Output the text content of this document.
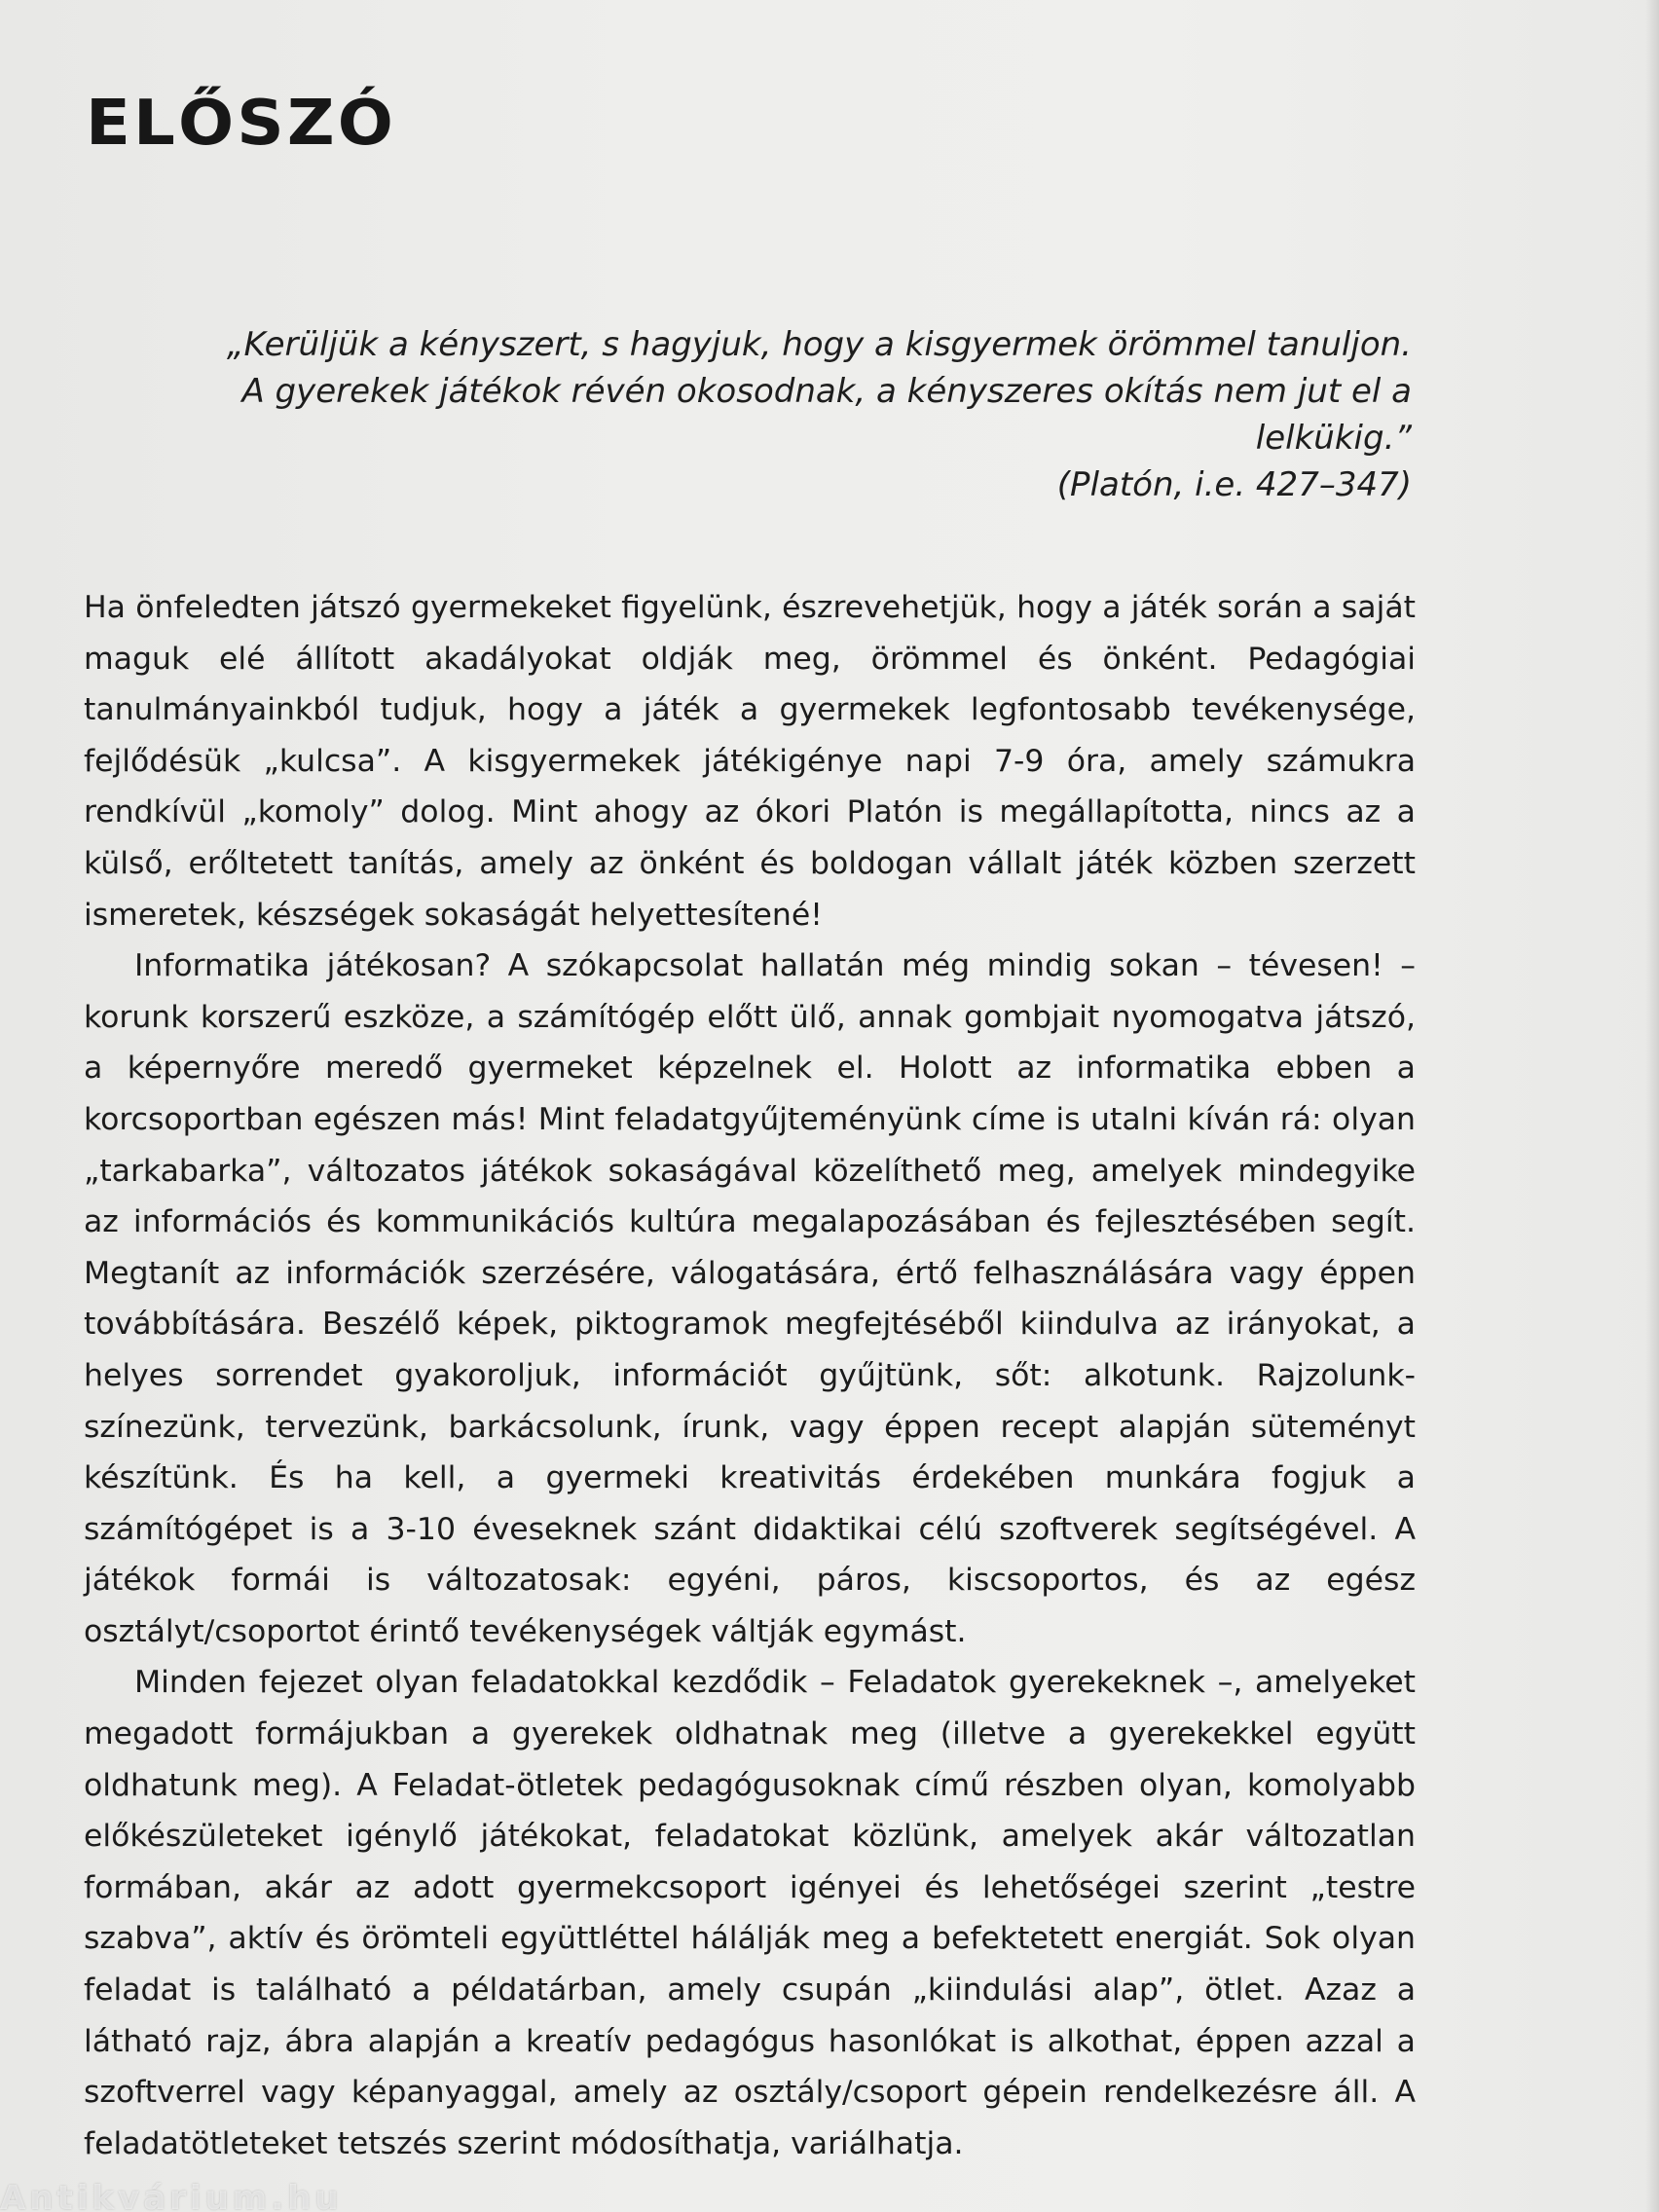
ELŐSZÓ

„Kerüljük a kényszert, s hagyjuk, hogy a kisgyermek örömmel tanuljon.

A gyerekek játékok révén okosodnak, a kényszeres okítás nem jut el a lelkükig.”

(Platón, i.e. 427–347)

Ha önfeledten játszó gyermekeket figyelünk, észrevehetjük, hogy a játék során a saját maguk elé állított akadályokat oldják meg, örömmel és önként. Pedagógiai tanulmányainkból tudjuk, hogy a játék a gyermekek legfontosabb tevékenysége, fejlődésük „kulcsa”. A kisgyermekek játékigénye napi 7-9 óra, amely számukra rendkívül „komoly” dolog. Mint ahogy az ókori Platón is megállapította, nincs az a külső, erőltetett tanítás, amely az önként és boldogan vállalt játék közben szerzett ismeretek, készségek sokaságát helyettesítené!

Informatika játékosan? A szókapcsolat hallatán még mindig sokan – tévesen! – korunk korszerű eszköze, a számítógép előtt ülő, annak gombjait nyomogatva játszó, a képernyőre meredő gyermeket képzelnek el. Holott az informatika ebben a korcsoportban egészen más! Mint feladatgyűjteményünk címe is utalni kíván rá: olyan „tarkabarka”, változatos játékok sokaságával közelíthető meg, amelyek mindegyike az információs és kommunikációs kultúra megalapozásában és fejlesztésében segít. Megtanít az információk szerzésére, válogatására, értő felhasználására vagy éppen továbbítására. Beszélő képek, piktogramok megfejtéséből kiindulva az irányokat, a helyes sorrendet gyakoroljuk, információt gyűjtünk, sőt: alkotunk. Rajzolunk-színezünk, tervezünk, barkácsolunk, írunk, vagy éppen recept alapján süteményt készítünk. És ha kell, a gyermeki kreativitás érdekében munkára fogjuk a számítógépet is a 3-10 éveseknek szánt didaktikai célú szoftverek segítségével. A játékok formái is változatosak: egyéni, páros, kiscsoportos, és az egész osztályt/csoportot érintő tevékenységek váltják egymást.

Minden fejezet olyan feladatokkal kezdődik – Feladatok gyerekeknek –, amelyeket megadott formájukban a gyerekek oldhatnak meg (illetve a gyerekekkel együtt oldhatunk meg). A Feladat-ötletek pedagógusoknak című részben olyan, komolyabb előkészületeket igénylő játékokat, feladatokat közlünk, amelyek akár változatlan formában, akár az adott gyermekcsoport igényei és lehetőségei szerint „testre szabva”, aktív és örömteli együttléttel hálálják meg a befektetett energiát. Sok olyan feladat is található a példatárban, amely csupán „kiindulási alap”, ötlet. Azaz a látható rajz, ábra alapján a kreatív pedagógus hasonlókat is alkothat, éppen azzal a szoftverrel vagy képanyaggal, amely az osztály/csoport gépein rendelkezésre áll. A feladatötleteket tetszés szerint módosíthatja, variálhatja.

Antikvárium.hu
